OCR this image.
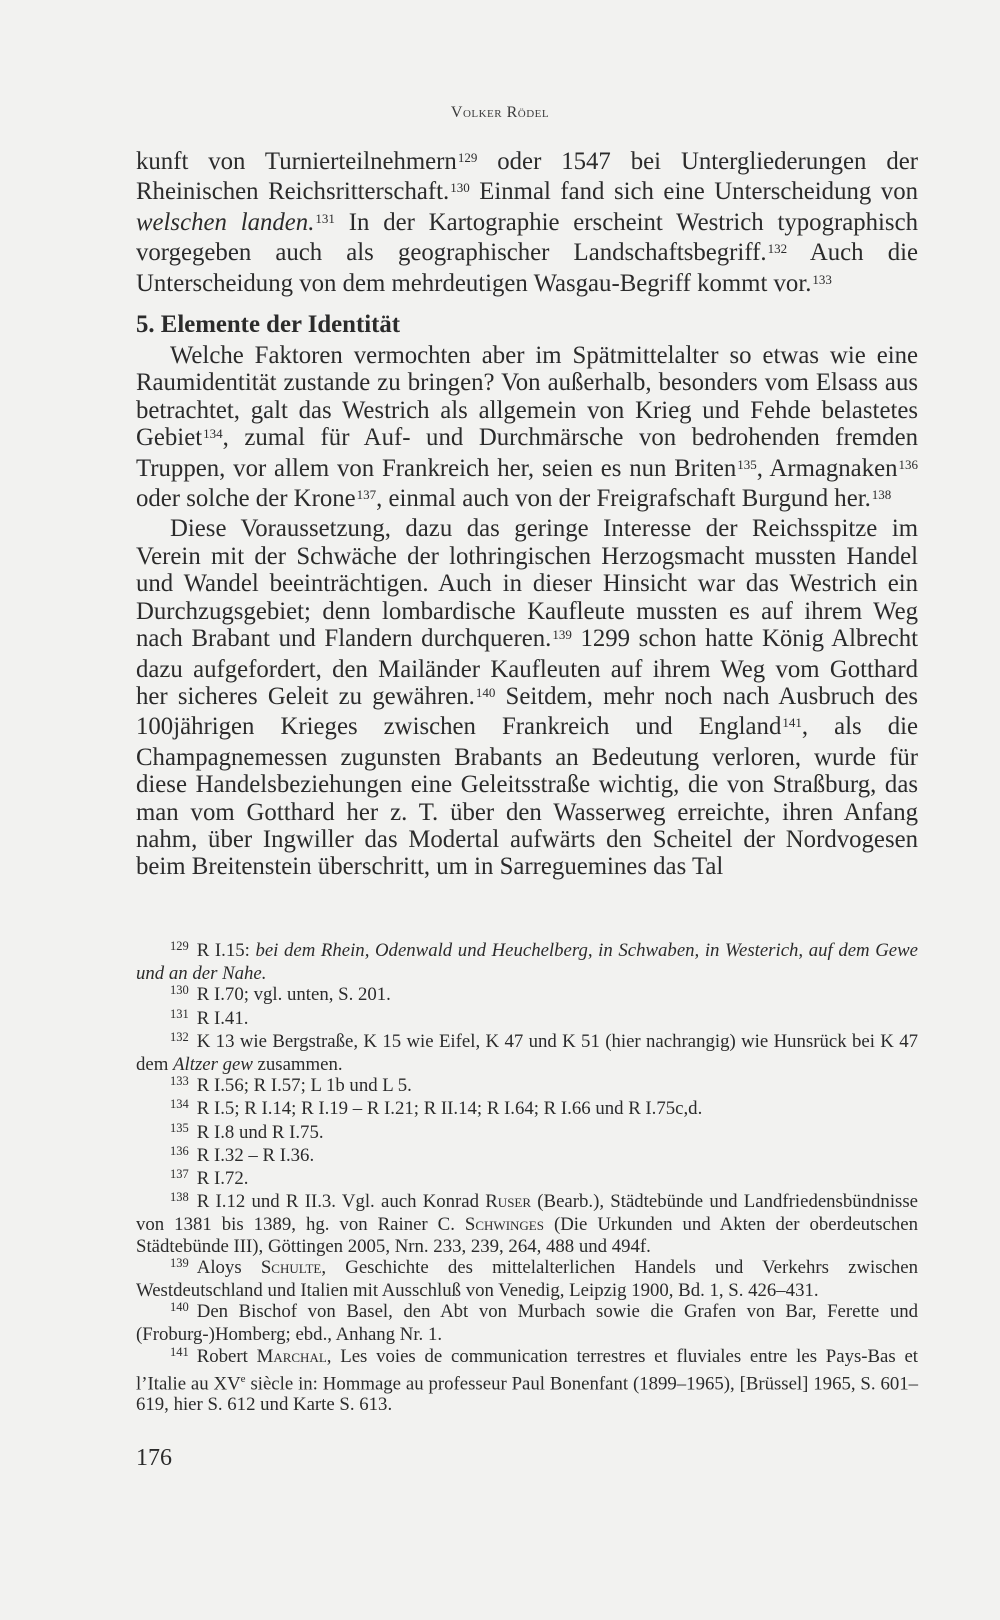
Volker Rödel

kunft von Turnierteilnehmern$^{129}$ oder 1547 bei Untergliederungen der Rheinischen Reichsritterschaft.$^{130}$ Einmal fand sich eine Unterscheidung von welschen landen.$^{131}$ In der Kartographie erscheint Westrich typographisch vorgegeben auch als geographischer Landschaftsbegriff.$^{132}$ Auch die Unterscheidung von dem mehrdeutigen Wasgau-Begriff kommt vor.$^{133}$

5. Elemente der Identität

Welche Faktoren vermochten aber im Spätmittelalter so etwas wie eine Raumidentität zustande zu bringen? Von außerhalb, besonders vom Elsass aus betrachtet, galt das Westrich als allgemein von Krieg und Fehde belastetes Gebiet$^{134}$, zumal für Auf- und Durchmärsche von bedrohenden fremden Truppen, vor allem von Frankreich her, seien es nun Briten$^{135}$, Armagnaken$^{136}$ oder solche der Krone$^{137}$, einmal auch von der Freigrafschaft Burgund her.$^{138}$

Diese Voraussetzung, dazu das geringe Interesse der Reichsspitze im Verein mit der Schwäche der lothringischen Herzogsmacht mussten Handel und Wandel beeinträchtigen. Auch in dieser Hinsicht war das Westrich ein Durchzugsgebiet; denn lombardische Kaufleute mussten es auf ihrem Weg nach Brabant und Flandern durchqueren.$^{139}$ 1299 schon hatte König Albrecht dazu aufgefordert, den Mailänder Kaufleuten auf ihrem Weg vom Gotthard her sicheres Geleit zu gewähren.$^{140}$ Seitdem, mehr noch nach Ausbruch des 100jährigen Krieges zwischen Frankreich und England$^{141}$, als die Champagnemessen zugunsten Brabants an Bedeutung verloren, wurde für diese Handelsbeziehungen eine Geleitsstraße wichtig, die von Straßburg, das man vom Gotthard her z. T. über den Wasserweg erreichte, ihren Anfang nahm, über Ingwiller das Modertal aufwärts den Scheitel der Nordvogesen beim Breitenstein überschritt, um in Sarreguemines das Tal

$^{129}$ R I.15: bei dem Rhein, Odenwald und Heuchelberg, in Schwaben, in Westerich, auf dem Gewe und an der Nahe.

$^{130}$ R I.70; vgl. unten, S. 201.

$^{131}$ R I.41.

$^{132}$ K 13 wie Bergstraße, K 15 wie Eifel, K 47 und K 51 (hier nachrangig) wie Hunsrück bei K 47 dem Altzer gew zusammen.

$^{133}$ R I.56; R I.57; L 1b und L 5.

$^{134}$ R I.5; R I.14; R I.19 – R I.21; R II.14; R I.64; R I.66 und R I.75c,d.

$^{135}$ R I.8 und R I.75.

$^{136}$ R I.32 – R I.36.

$^{137}$ R I.72.

$^{138}$ R I.12 und R II.3. Vgl. auch Konrad Ruser (Bearb.), Städtebünde und Landfriedensbündnisse von 1381 bis 1389, hg. von Rainer C. Schwinges (Die Urkunden und Akten der oberdeutschen Städtebünde III), Göttingen 2005, Nrn. 233, 239, 264, 488 und 494f.

$^{139}$ Aloys Schulte, Geschichte des mittelalterlichen Handels und Verkehrs zwischen Westdeutschland und Italien mit Ausschluß von Venedig, Leipzig 1900, Bd. 1, S. 426–431.

$^{140}$ Den Bischof von Basel, den Abt von Murbach sowie die Grafen von Bar, Ferette und (Froburg-)Homberg; ebd., Anhang Nr. 1.

$^{141}$ Robert Marchal, Les voies de communication terrestres et fluviales entre les Pays-Bas et l’Italie au XVe siècle in: Hommage au professeur Paul Bonenfant (1899–1965), [Brüssel] 1965, S. 601–619, hier S. 612 und Karte S. 613.

176
